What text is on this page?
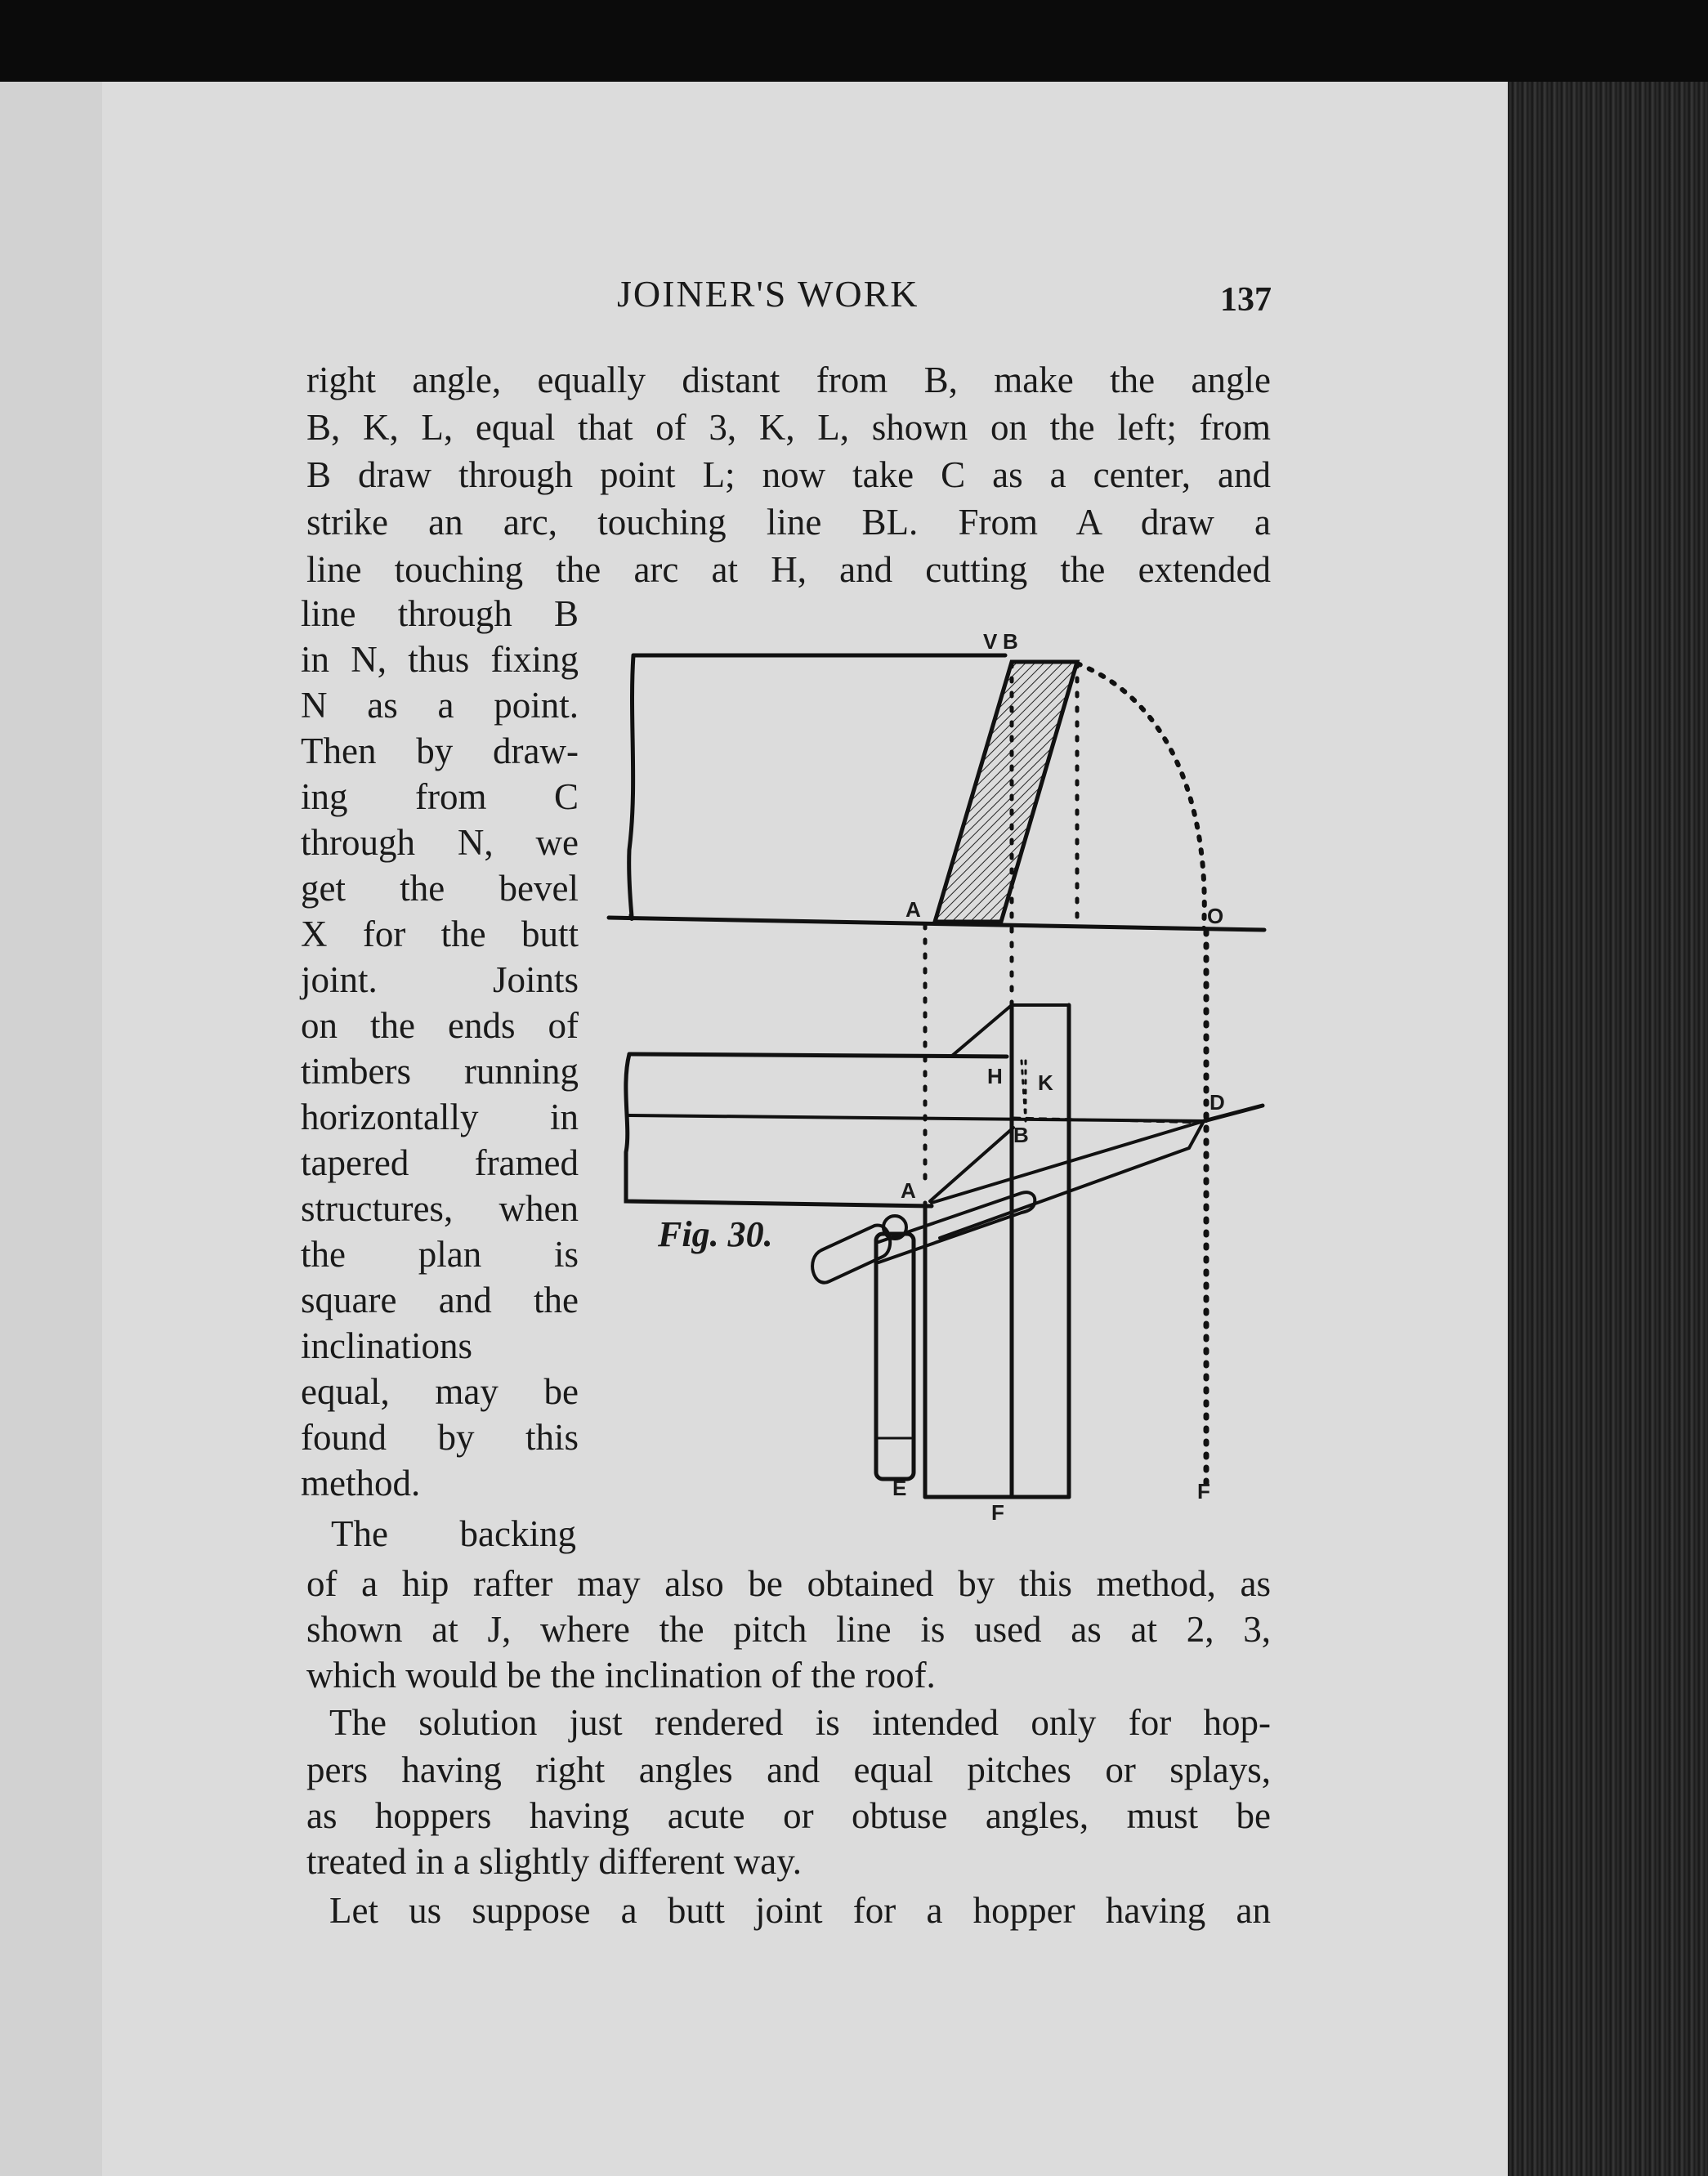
JOINER'S WORK	137
right angle, equally distant from B, make the angle
B, K, L, equal that of 3, K, L, shown on the left; from
B draw through point L; now take C as a center, and
strike an arc, touching line BL. From A draw a
line touching the arc at H, and cutting the extended
line through B
in N, thus fixing
N as a point.
Then by draw-
ing from C
through N, we
get the bevel
X for the butt
joint. Joints
on the ends of
timbers running
horizontally in
tapered framed
structures, when
the plan is
square and the
inclinations
equal, may be
found by this
method.
The backing
of a hip rafter may also be obtained by this method, as
shown at J, where the pitch line is used as at 2, 3,
which would be the inclination of the roof.
The solution just rendered is intended only for hop-
pers having right angles and equal pitches or splays,
as hoppers having acute or obtuse angles, must be
treated in a slightly different way.
Let us suppose a butt joint for a hopper having an
Fig. 30.
V B
A	O
H K
D
B
A
E
F
F
